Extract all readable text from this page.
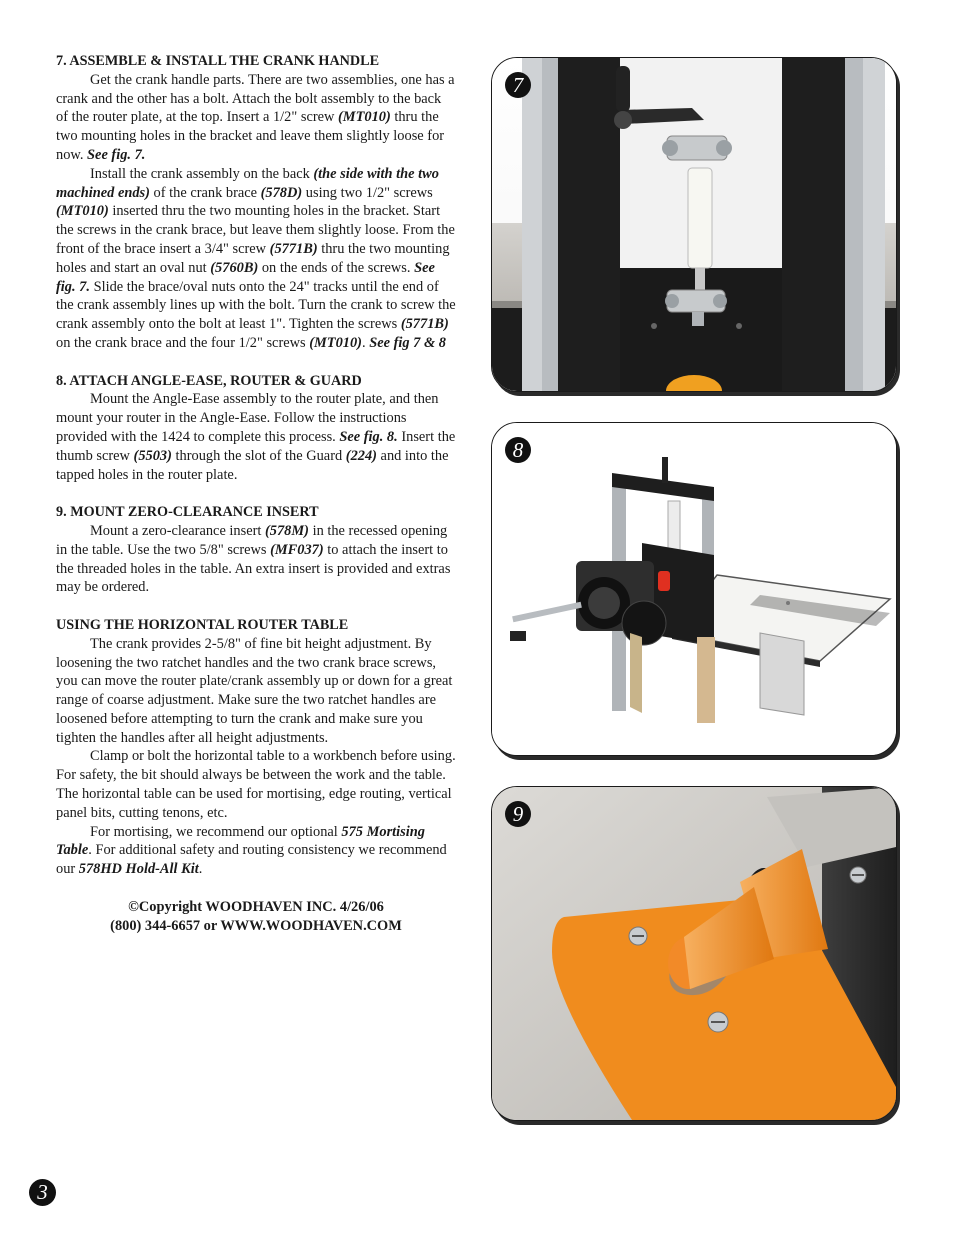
7. ASSEMBLE & INSTALL THE CRANK HANDLE

Get the crank handle parts. There are two assemblies, one has a crank and the other has a bolt. Attach the bolt assembly to the back of the router plate, at the top. Insert a 1/2" screw (MT010) thru the two mounting holes in the bracket and leave them slightly loose for now. See fig. 7.

Install the crank assembly on the back (the side with the two machined ends) of the crank brace (578D) using two 1/2" screws (MT010) inserted thru the two mounting holes in the bracket. Start the screws in the crank brace, but leave them slightly loose. From the front of the brace insert a 3/4" screw (5771B) thru the two mounting holes and start an oval nut (5760B) on the ends of the screws. See fig. 7. Slide the brace/oval nuts onto the 24" tracks until the end of the crank assembly lines up with the bolt. Turn the crank to screw the crank assembly onto the bolt at least 1". Tighten the screws (5771B) on the crank brace and the four 1/2" screws (MT010). See fig 7 & 8

8. ATTACH ANGLE-EASE, ROUTER & GUARD

Mount the Angle-Ease assembly to the router plate, and then mount your router in the Angle-Ease. Follow the instructions provided with the 1424 to complete this process. See fig. 8. Insert the thumb screw (5503) through the slot of the Guard (224) and into the tapped holes in the router plate.

9. MOUNT ZERO-CLEARANCE INSERT

Mount a zero-clearance insert (578M) in the recessed opening in the table. Use the two 5/8" screws (MF037) to attach the insert to the threaded holes in the table. An extra insert is provided and extras may be ordered.

USING THE HORIZONTAL ROUTER TABLE

The crank provides 2-5/8" of fine bit height adjustment. By loosening the two ratchet handles and the two crank brace screws, you can move the router plate/crank assembly up or down for a great range of coarse adjustment. Make sure the two ratchet handles are loosened before attempting to turn the crank and make sure you tighten the handles after all height adjustments.

Clamp or bolt the horizontal table to a workbench before using. For safety, the bit should always be between the work and the table. The horizontal table can be used for mortising, edge routing, vertical panel bits, cutting tenons, etc.

For mortising, we recommend our optional 575 Mortising Table. For additional safety and routing consistency we recommend our 578HD Hold-All Kit.

©Copyright WOODHAVEN INC. 4/26/06

(800) 344-6657 or WWW.WOODHAVEN.COM

7
8
9
3
